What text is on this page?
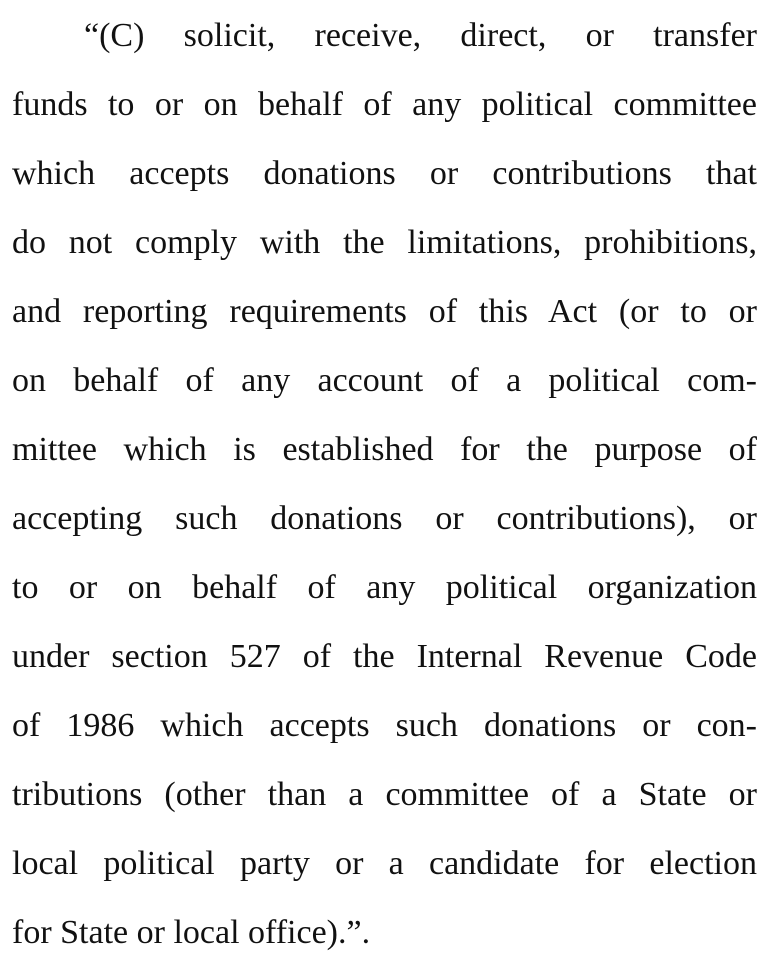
“(C) solicit, receive, direct, or transfer
funds to or on behalf of any political committee
which accepts donations or contributions that
do not comply with the limitations, prohibitions,
and reporting requirements of this Act (or to or
on behalf of any account of a political com-
mittee which is established for the purpose of
accepting such donations or contributions), or
to or on behalf of any political organization
under section 527 of the Internal Revenue Code
of 1986 which accepts such donations or con-
tributions (other than a committee of a State or
local political party or a candidate for election
for State or local office).”.
